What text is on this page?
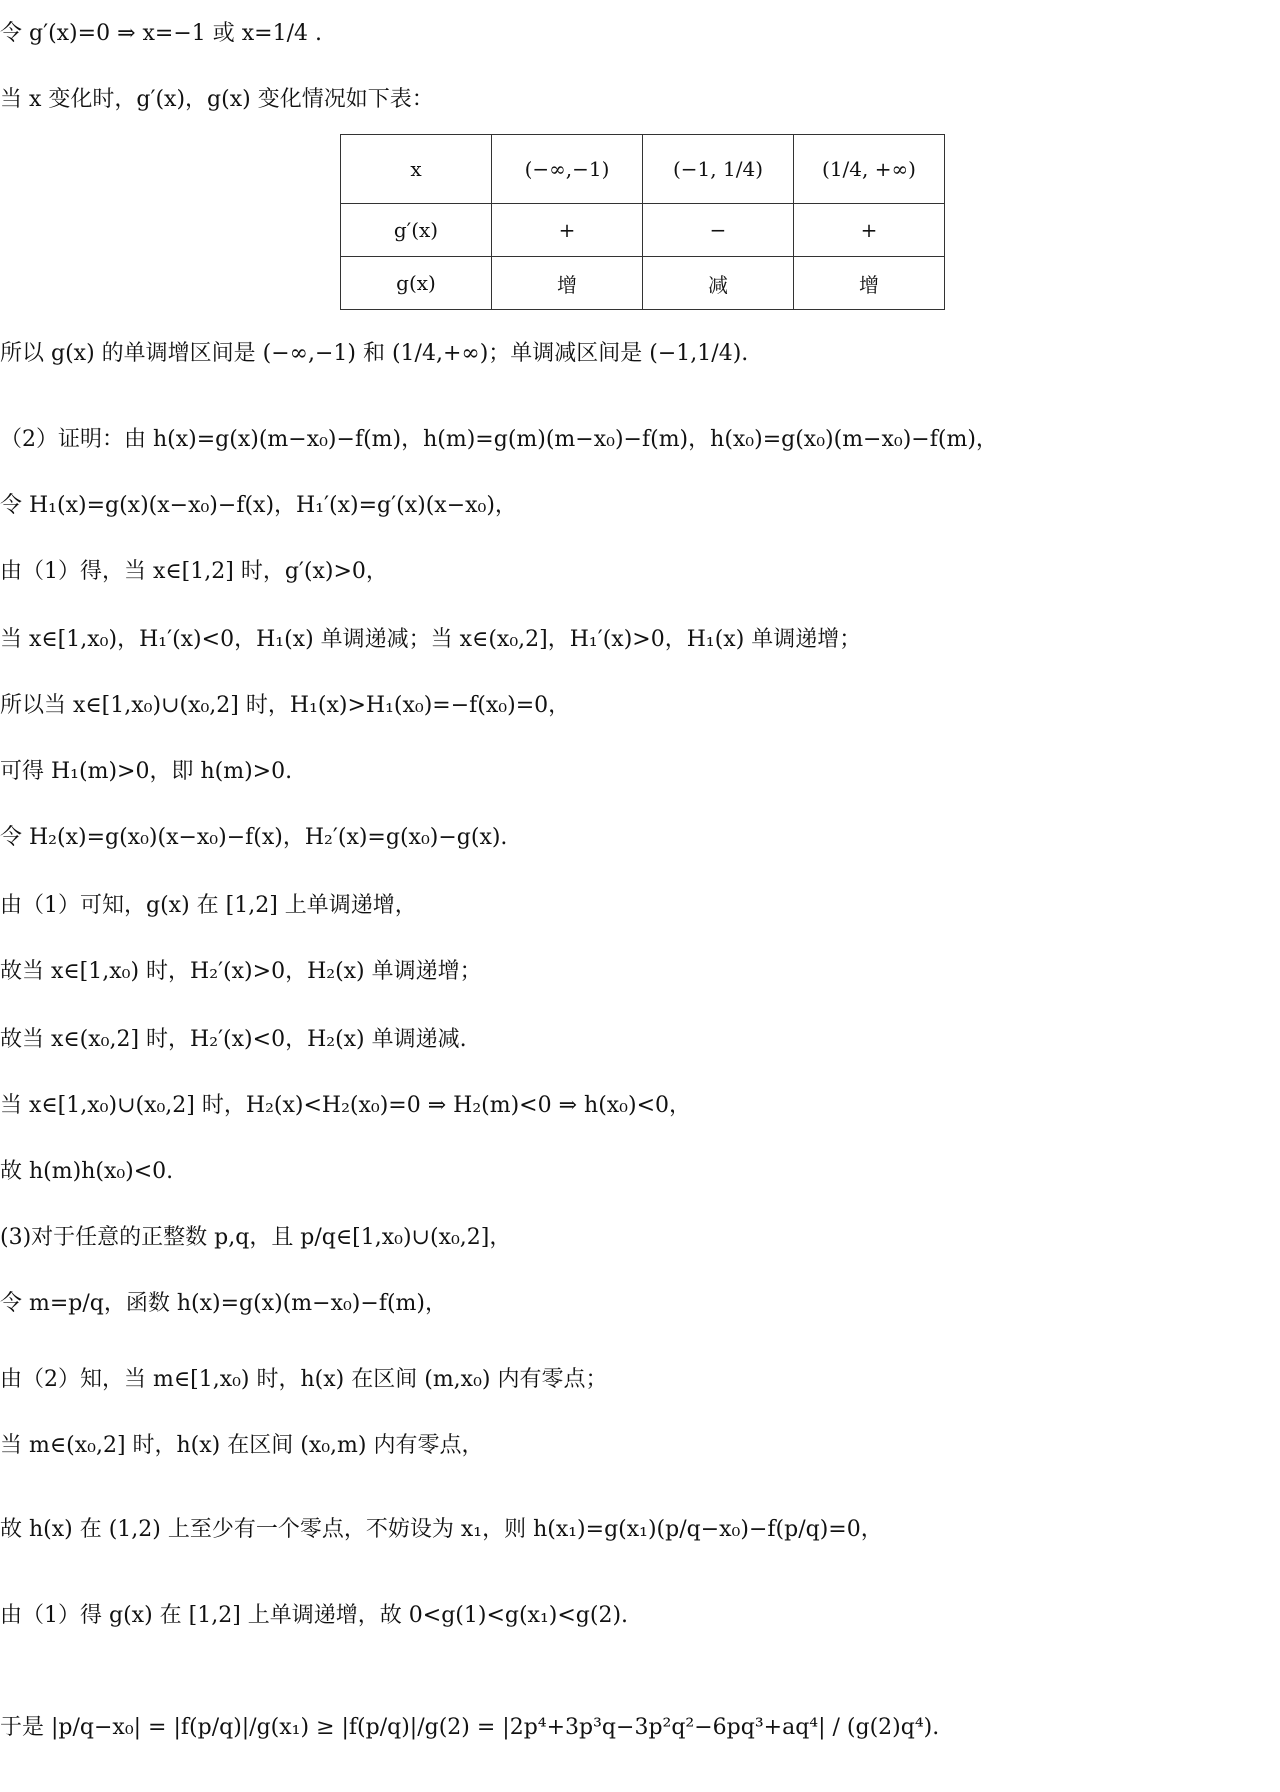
令 g′(x)=0 ⇒ x=−1 或 x=1/4 .
当 x 变化时，g′(x)，g(x) 变化情况如下表：
x	(−∞,−1)	(−1, 1/4)	(1/4, +∞)
g′(x)	+	−	+
g(x)	增	减	增
所以 g(x) 的单调增区间是 (−∞,−1) 和 (1/4,+∞)；单调减区间是 (−1,1/4).
（2）证明：由 h(x)=g(x)(m−x₀)−f(m)，h(m)=g(m)(m−x₀)−f(m)，h(x₀)=g(x₀)(m−x₀)−f(m)，
令 H₁(x)=g(x)(x−x₀)−f(x)，H₁′(x)=g′(x)(x−x₀)，
由（1）得，当 x∈[1,2] 时，g′(x)>0，
当 x∈[1,x₀)，H₁′(x)<0，H₁(x) 单调递减；当 x∈(x₀,2]，H₁′(x)>0，H₁(x) 单调递增；
所以当 x∈[1,x₀)∪(x₀,2] 时，H₁(x)>H₁(x₀)=−f(x₀)=0，
可得 H₁(m)>0，即 h(m)>0.
令 H₂(x)=g(x₀)(x−x₀)−f(x)，H₂′(x)=g(x₀)−g(x).
由（1）可知，g(x) 在 [1,2] 上单调递增，
故当 x∈[1,x₀) 时，H₂′(x)>0，H₂(x) 单调递增；
故当 x∈(x₀,2] 时，H₂′(x)<0，H₂(x) 单调递减.
当 x∈[1,x₀)∪(x₀,2] 时，H₂(x)<H₂(x₀)=0 ⇒ H₂(m)<0 ⇒ h(x₀)<0，
故 h(m)h(x₀)<0.
(3)对于任意的正整数 p,q，且 p/q∈[1,x₀)∪(x₀,2]，
令 m=p/q，函数 h(x)=g(x)(m−x₀)−f(m)，
由（2）知，当 m∈[1,x₀) 时，h(x) 在区间 (m,x₀) 内有零点；
当 m∈(x₀,2] 时，h(x) 在区间 (x₀,m) 内有零点，
故 h(x) 在 (1,2) 上至少有一个零点，不妨设为 x₁，则 h(x₁)=g(x₁)(p/q−x₀)−f(p/q)=0，
由（1）得 g(x) 在 [1,2] 上单调递增，故 0<g(1)<g(x₁)<g(2).
于是 |p/q−x₀| = |f(p/q)|/g(x₁) ≥ |f(p/q)|/g(2) = |2p⁴+3p³q−3p²q²−6pq³+aq⁴| / (g(2)q⁴).
